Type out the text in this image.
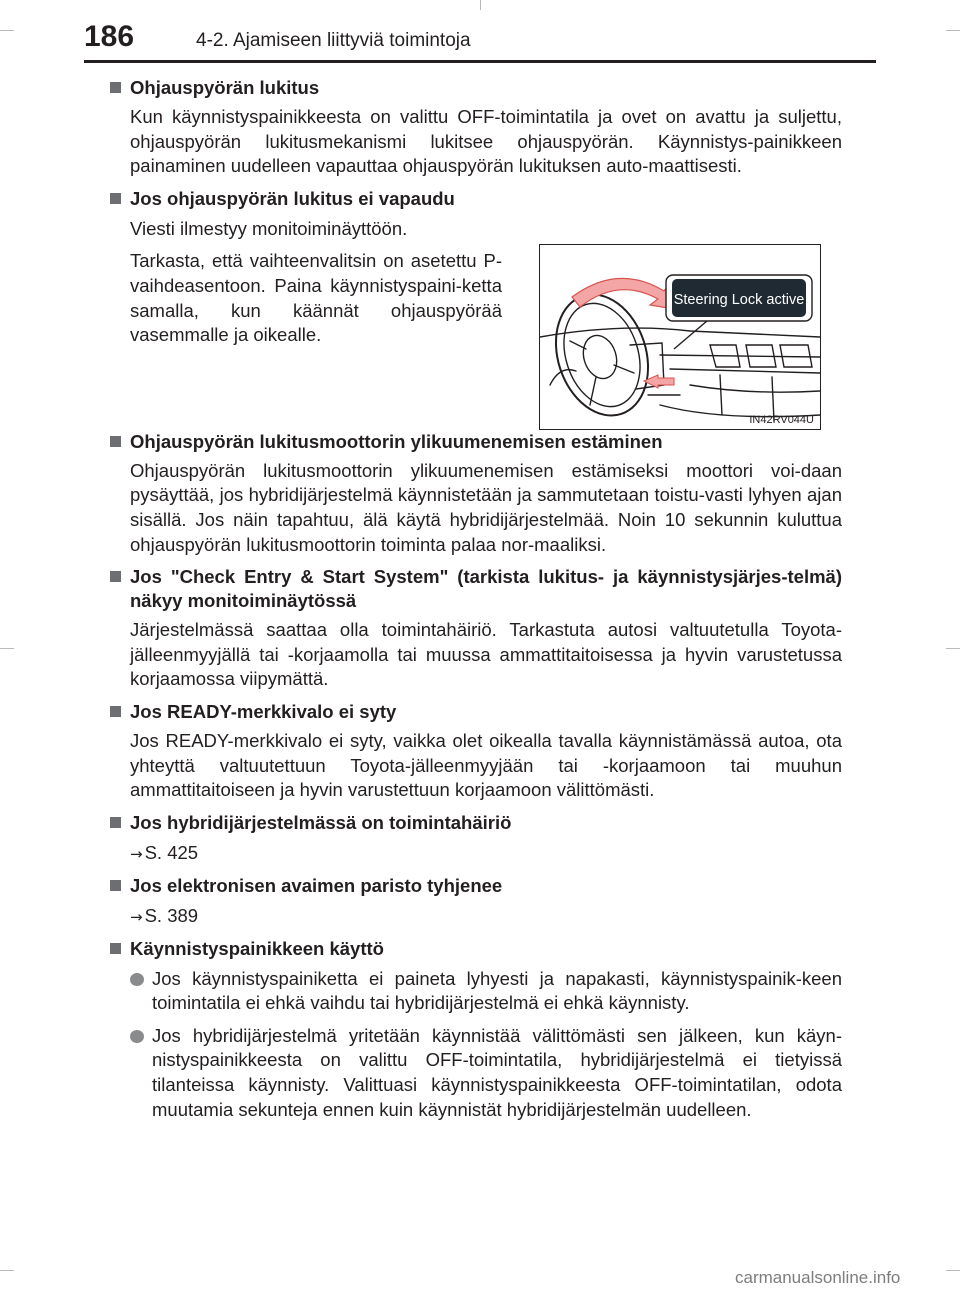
186	4-2. Ajamiseen liittyviä toimintoja
Ohjauspyörän lukitus
Kun käynnistyspainikkeesta on valittu OFF-toimintatila ja ovet on avattu ja suljettu, ohjauspyörän lukitusmekanismi lukitsee ohjauspyörän. Käynnistys-painikkeen painaminen uudelleen vapauttaa ohjauspyörän lukituksen auto-maattisesti.
Jos ohjauspyörän lukitus ei vapaudu

Viesti ilmestyy monitoiminäyttöön.

Tarkasta, että vaihteenvalitsin on asetettu P-vaihdeasentoon. Paina käynnistyspaini-ketta samalla, kun käännät ohjauspyörää vasemmalle ja oikealle.

Ohjauspyörän lukitusmoottorin ylikuumenemisen estäminen
Ohjauspyörän lukitusmoottorin ylikuumenemisen estämiseksi moottori voi-daan pysäyttää, jos hybridijärjestelmä käynnistetään ja sammutetaan toistu-vasti lyhyen ajan sisällä. Jos näin tapahtuu, älä käytä hybridijärjestelmää. Noin 10 sekunnin kuluttua ohjauspyörän lukitusmoottorin toiminta palaa nor-maaliksi.
Jos "Check Entry & Start System" (tarkista lukitus- ja käynnistysjärjes-telmä) näkyy monitoiminäytössä
Järjestelmässä saattaa olla toimintahäiriö. Tarkastuta autosi valtuutetulla Toyota-jälleenmyyjällä tai -korjaamolla tai muussa ammattitaitoisessa ja hyvin varustetussa korjaamossa viipymättä.
Jos READY-merkkivalo ei syty
Jos READY-merkkivalo ei syty, vaikka olet oikealla tavalla käynnistämässä autoa, ota yhteyttä valtuutettuun Toyota-jälleenmyyjään tai -korjaamoon tai muuhun ammattitaitoiseen ja hyvin varustettuun korjaamoon välittömästi.
Jos hybridijärjestelmässä on toimintahäiriö
→ S. 425
Jos elektronisen avaimen paristo tyhjenee
→ S. 389
Käynnistyspainikkeen käyttö
Jos käynnistyspainiketta ei paineta lyhyesti ja napakasti, käynnistyspainik-keen toimintatila ei ehkä vaihdu tai hybridijärjestelmä ei ehkä käynnisty.
Jos hybridijärjestelmä yritetään käynnistää välittömästi sen jälkeen, kun käyn-nistyspainikkeesta on valittu OFF-toimintatila, hybridijärjestelmä ei tietyissä tilanteissa käynnisty. Valittuasi käynnistyspainikkeesta OFF-toimintatilan, odota muutamia sekunteja ennen kuin käynnistät hybridijärjestelmän uudelleen.
Steering Lock active
IN42RV044U
carmanualsonline.info
